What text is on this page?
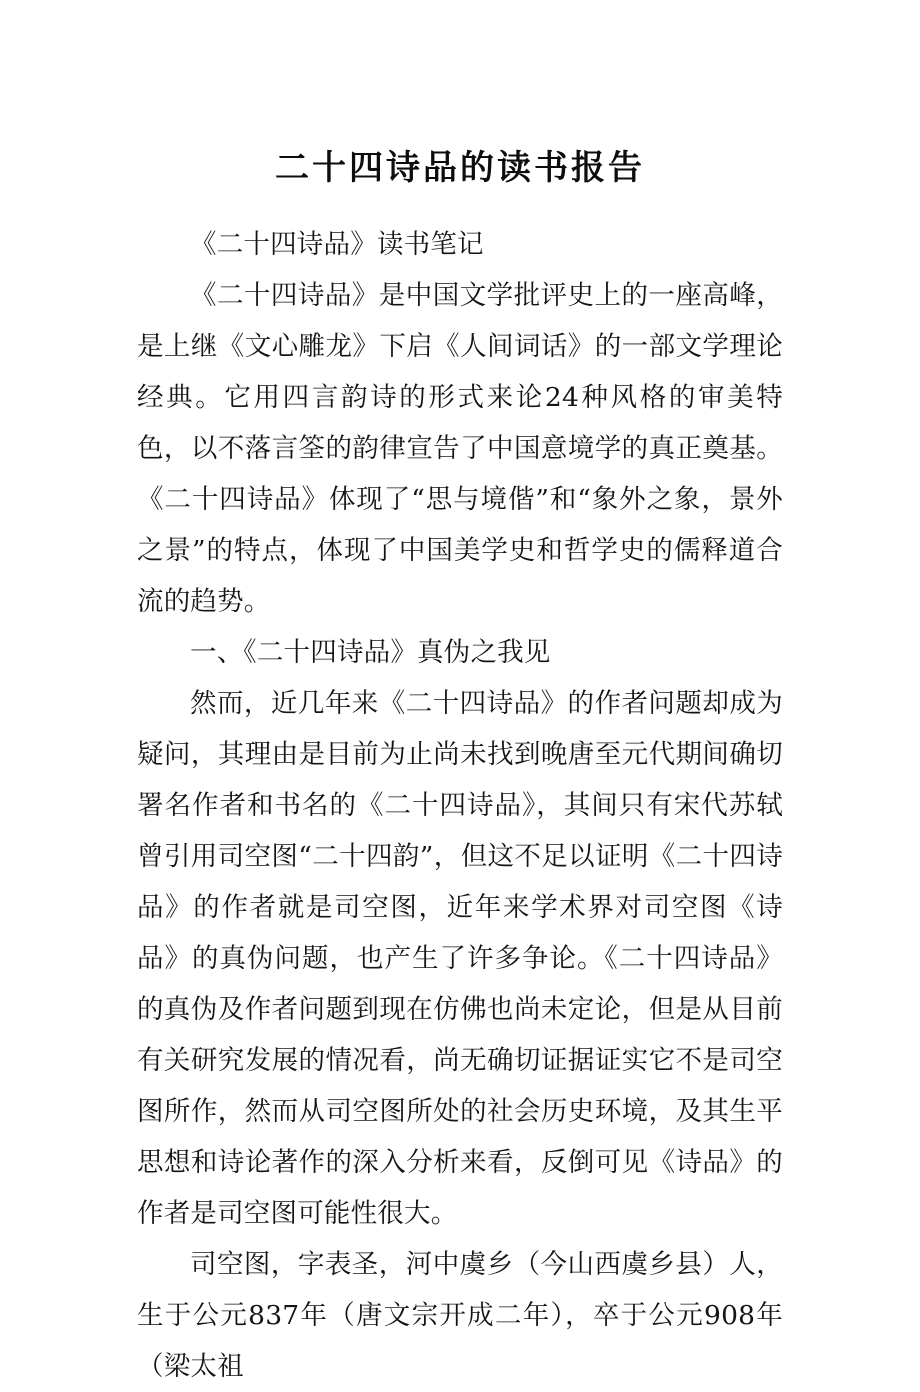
二十四诗品的读书报告

《二十四诗品》读书笔记

《二十四诗品》是中国文学批评史上的一座高峰，是上继《文心雕龙》下启《人间词话》的一部文学理论经典。它用四言韵诗的形式来论24种风格的审美特色，以不落言筌的韵律宣告了中国意境学的真正奠基。《二十四诗品》体现了“思与境偕”和“象外之象，景外之景”的特点，体现了中国美学史和哲学史的儒释道合流的趋势。

一、《二十四诗品》真伪之我见

然而，近几年来《二十四诗品》的作者问题却成为疑问，其理由是目前为止尚未找到晚唐至元代期间确切署名作者和书名的《二十四诗品》，其间只有宋代苏轼曾引用司空图“二十四韵”，但这不足以证明《二十四诗品》的作者就是司空图，近年来学术界对司空图《诗品》的真伪问题，也产生了许多争论。《二十四诗品》的真伪及作者问题到现在仿佛也尚未定论，但是从目前有关研究发展的情况看，尚无确切证据证实它不是司空图所作，然而从司空图所处的社会历史环境，及其生平思想和诗论著作的深入分析来看，反倒可见《诗品》的作者是司空图可能性很大。

司空图，字表圣，河中虞乡（今山西虞乡县）人，生于公元837年（唐文宗开成二年），卒于公元908年（梁太祖
